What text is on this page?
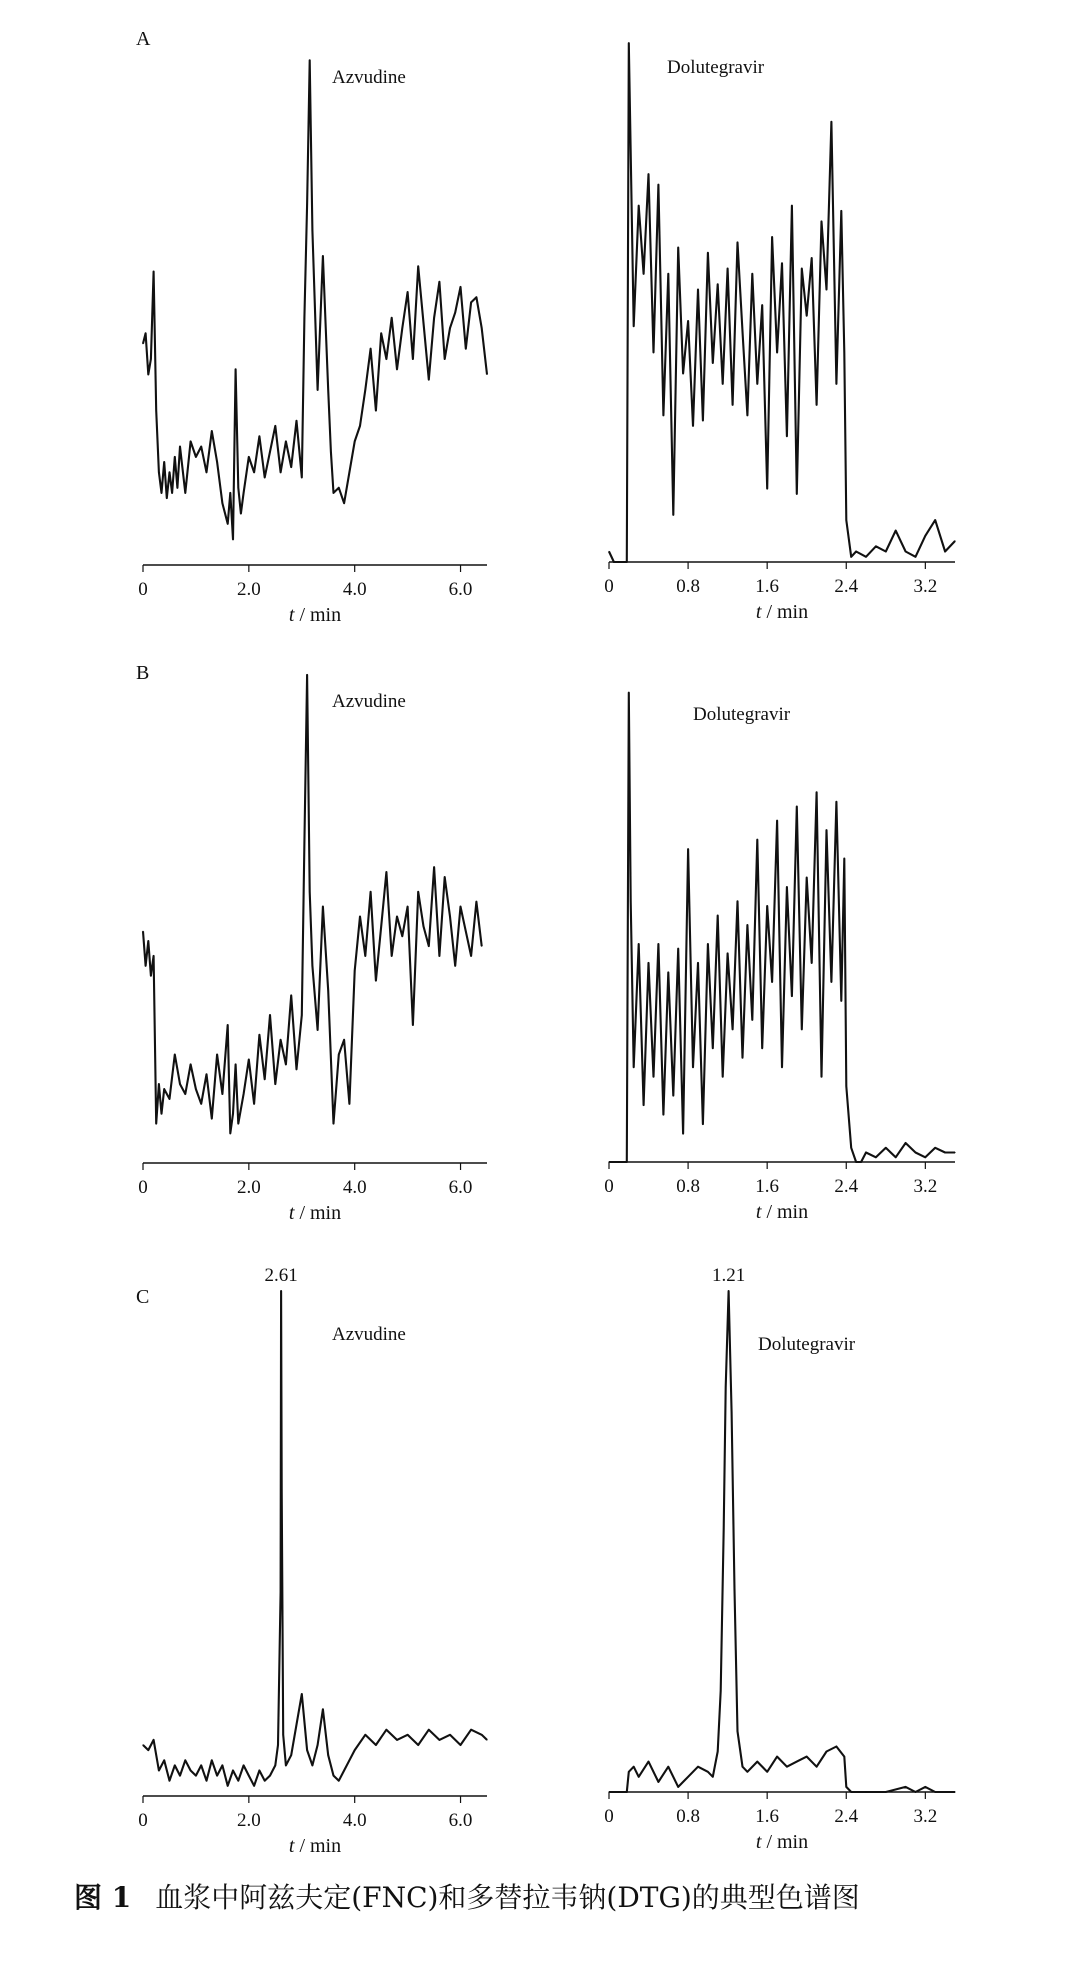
A
0	2.0	4.0	6.0
t / min
Azvudine
0	0.8	1.6	2.4	3.2
t / min
Dolutegravir
B
0	2.0	4.0	6.0
t / min
Azvudine
0	0.8	1.6	2.4	3.2
t / min
Dolutegravir
C
0	2.0	4.0	6.0
t / min
Azvudine
2.61
0	0.8	1.6	2.4	3.2
t / min
Dolutegravir
1.21
图 1 血浆中阿兹夫定(FNC)和多替拉韦钠(DTG)的典型色谱图
